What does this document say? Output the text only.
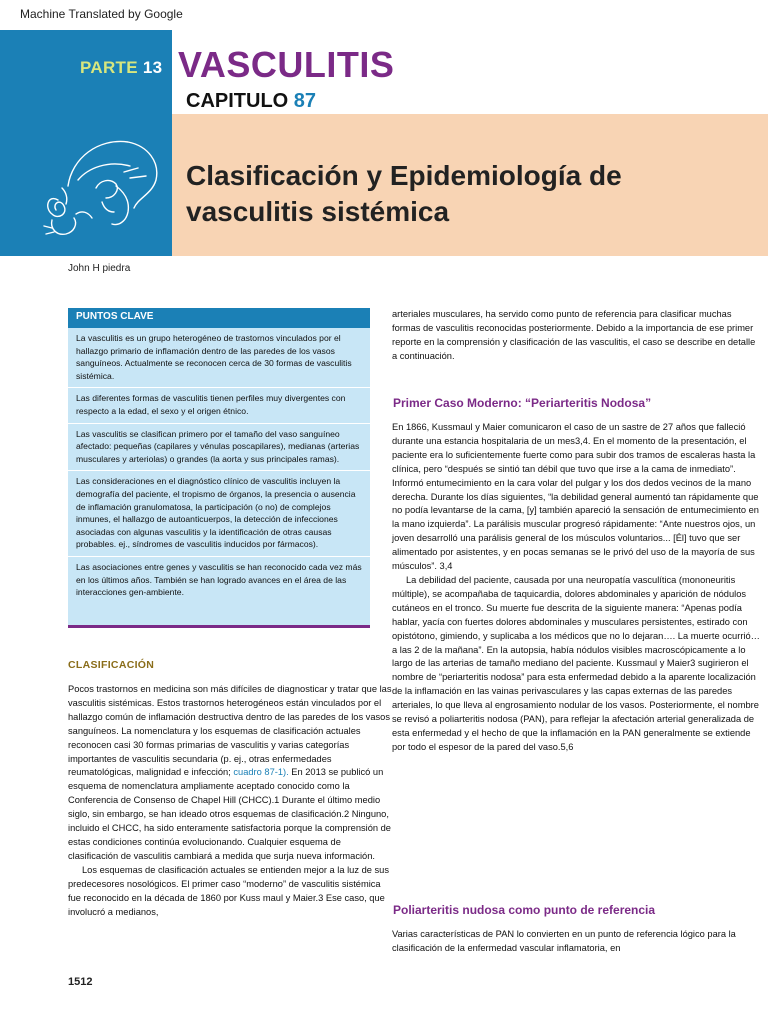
Machine Translated by Google
PARTE 13 VASCULITIS
CAPITULO 87
Clasificación y Epidemiología de
vasculitis sistémica
John H piedra
PUNTOS CLAVE
La vasculitis es un grupo heterogéneo de trastornos vinculados por el hallazgo primario de inflamación dentro de las paredes de los vasos sanguíneos. Actualmente se reconocen cerca de 30 formas de vasculitis sistémica.
Las diferentes formas de vasculitis tienen perfiles muy divergentes con respecto a la edad, el sexo y el origen étnico.
Las vasculitis se clasifican primero por el tamaño del vaso sanguíneo afectado: pequeñas (capilares y vénulas poscapilares), medianas (arterias musculares y arteriolas) o grandes (la aorta y sus principales ramas).
Las consideraciones en el diagnóstico clínico de vasculitis incluyen la demografía del paciente, el tropismo de órganos, la presencia o ausencia de inflamación granulomatosa, la participación (o no) de complejos inmunes, el hallazgo de autoanticuerpos, la detección de infecciones asociadas con algunas vasculitis y la identificación de otras causas probables. ej., síndromes de vasculitis inducidos por fármacos).
Las asociaciones entre genes y vasculitis se han reconocido cada vez más en los últimos años. También se han logrado avances en el área de las interacciones gen-ambiente.
CLASIFICACIÓN

Pocos trastornos en medicina son más difíciles de diagnosticar y tratar que las vasculitis sistémicas. Estos trastornos heterogéneos están vinculados por el hallazgo común de inflamación destructiva dentro de las paredes de los vasos sanguíneos. La nomenclatura y los esquemas de clasificación actuales reconocen casi 30 formas primarias de vasculitis y varias categorías importantes de vasculitis secundaria (p. ej., otras enfermedades reumatológicas, malignidad e infección; cuadro 87-1). En 2013 se publicó un esquema de nomenclatura ampliamente aceptado conocido como la Conferencia de Consenso de Chapel Hill (CHCC).1 Durante el último medio siglo, sin embargo, se han ideado otros esquemas de clasificación.2 Ninguno, incluido el CHCC, ha sido enteramente satisfactoria porque la comprensión de estas condiciones continúa evolucionando. Cualquier esquema de clasificación de vasculitis cambiará a medida que surja nueva información.

Los esquemas de clasificación actuales se entienden mejor a la luz de sus predecesores nosológicos. El primer caso “moderno” de vasculitis sistémica fue reconocido en la década de 1860 por Kuss maul y Maier.3 Ese caso, que involucró a medianos,

arteriales musculares, ha servido como punto de referencia para clasificar muchas formas de vasculitis reconocidas posteriormente. Debido a la importancia de ese primer reporte en la comprensión y clasificación de las vasculitis, el caso se describe en detalle a continuación.
Primer Caso Moderno: “Periarteritis Nodosa”

En 1866, Kussmaul y Maier comunicaron el caso de un sastre de 27 años que falleció durante una estancia hospitalaria de un mes3,4. En el momento de la presentación, el paciente era lo suficientemente fuerte como para subir dos tramos de escaleras hasta la clínica, pero “después se sintió tan débil que tuvo que irse a la cama de inmediato”. Informó entumecimiento en la cara volar del pulgar y los dos dedos vecinos de la mano derecha. Durante los días siguientes, “la debilidad general aumentó tan rápidamente que no podía levantarse de la cama, [y] también apareció la sensación de entumecimiento en la mano izquierda”. La parálisis muscular progresó rápidamente: “Ante nuestros ojos, un joven desarrolló una parálisis general de los músculos voluntarios... [Él] tuvo que ser alimentado por asistentes, y en pocas semanas se le privó del uso de la mayoría de sus músculos”. 3,4

La debilidad del paciente, causada por una neuropatía vasculítica (mononeuritis múltiple), se acompañaba de taquicardia, dolores abdominales y aparición de nódulos cutáneos en el tronco. Su muerte fue descrita de la siguiente manera: “Apenas podía hablar, yacía con fuertes dolores abdominales y musculares persistentes, estirado con opistótono, gimiendo, y suplicaba a los médicos que no lo dejaran…. La muerte ocurrió… a las 2 de la mañana”. En la autopsia, había nódulos visibles macroscópicamente a lo largo de las arterias de tamaño mediano del paciente. Kussmaul y Maier3 sugirieron el nombre de “periarteritis nodosa” para esta enfermedad debido a la aparente localización de la inflamación en las vainas perivasculares y las capas externas de las paredes arteriales, lo que lleva al engrosamiento nodular de los vasos. Posteriormente, el nombre se revisó a poliarteritis nodosa (PAN), para reflejar la afectación arterial generalizada de esta enfermedad y el hecho de que la inflamación en la PAN generalmente se extiende por todo el espesor de la pared del vaso.5,6

Poliarteritis nudosa como punto de referencia
Varias características de PAN lo convierten en un punto de referencia lógico para la clasificación de la enfermedad vascular inflamatoria, en
1512
